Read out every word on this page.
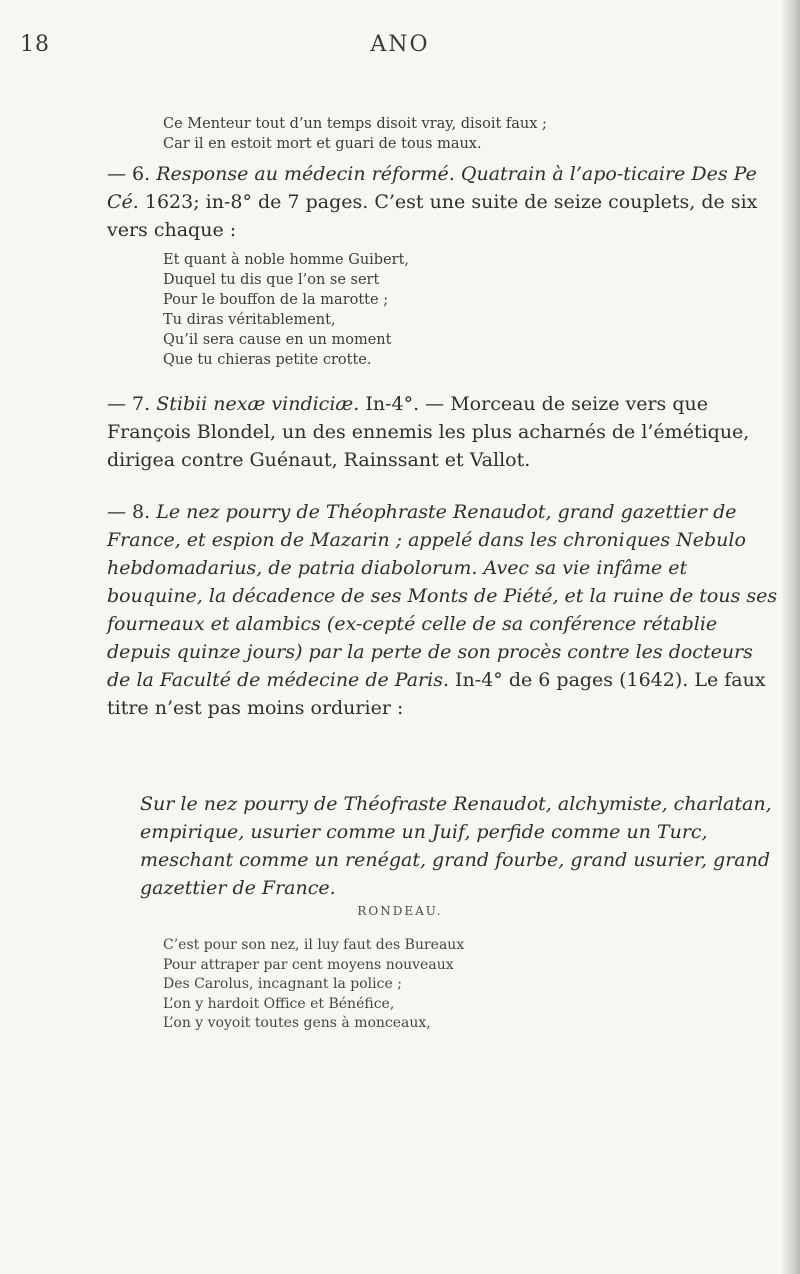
18	ANO
Ce Menteur tout d’un temps disoit vray, disoit faux ;
Car il en estoit mort et guari de tous maux.

— 6. Response au médecin réformé. Quatrain à l’apo-ticaire Des Pe Cé. 1623; in-8° de 7 pages. C’est une suite de seize couplets, de six vers chaque :

Et quant à noble homme Guibert,
Duquel tu dis que l’on se sert
Pour le bouffon de la marotte ;
Tu diras véritablement,
Qu’il sera cause en un moment
Que tu chieras petite crotte.

— 7. Stibii nexæ vindiciæ. In-4°. — Morceau de seize vers que François Blondel, un des ennemis les plus acharnés de l’émétique, dirigea contre Guénaut, Rainssant et Vallot.

— 8. Le nez pourry de Théophraste Renaudot, grand gazettier de France, et espion de Mazarin ; appelé dans les chroniques Nebulo hebdomadarius, de patria diabolorum. Avec sa vie infâme et bouquine, la décadence de ses Monts de Piété, et la ruine de tous ses fourneaux et alambics (ex-cepté celle de sa conférence rétablie depuis quinze jours) par la perte de son procès contre les docteurs de la Faculté de médecine de Paris. In-4° de 6 pages (1642). Le faux titre n’est pas moins ordurier :

Sur le nez pourry de Théofraste Renaudot, alchymiste, charlatan, empirique, usurier comme un Juif, perfide comme un Turc, meschant comme un renégat, grand fourbe, grand usurier, grand gazettier de France.

RONDEAU.
C’est pour son nez, il luy faut des Bureaux
Pour attraper par cent moyens nouveaux
Des Carolus, incagnant la police ;
L’on y hardoit Office et Bénéfice,
L’on y voyoit toutes gens à monceaux,
